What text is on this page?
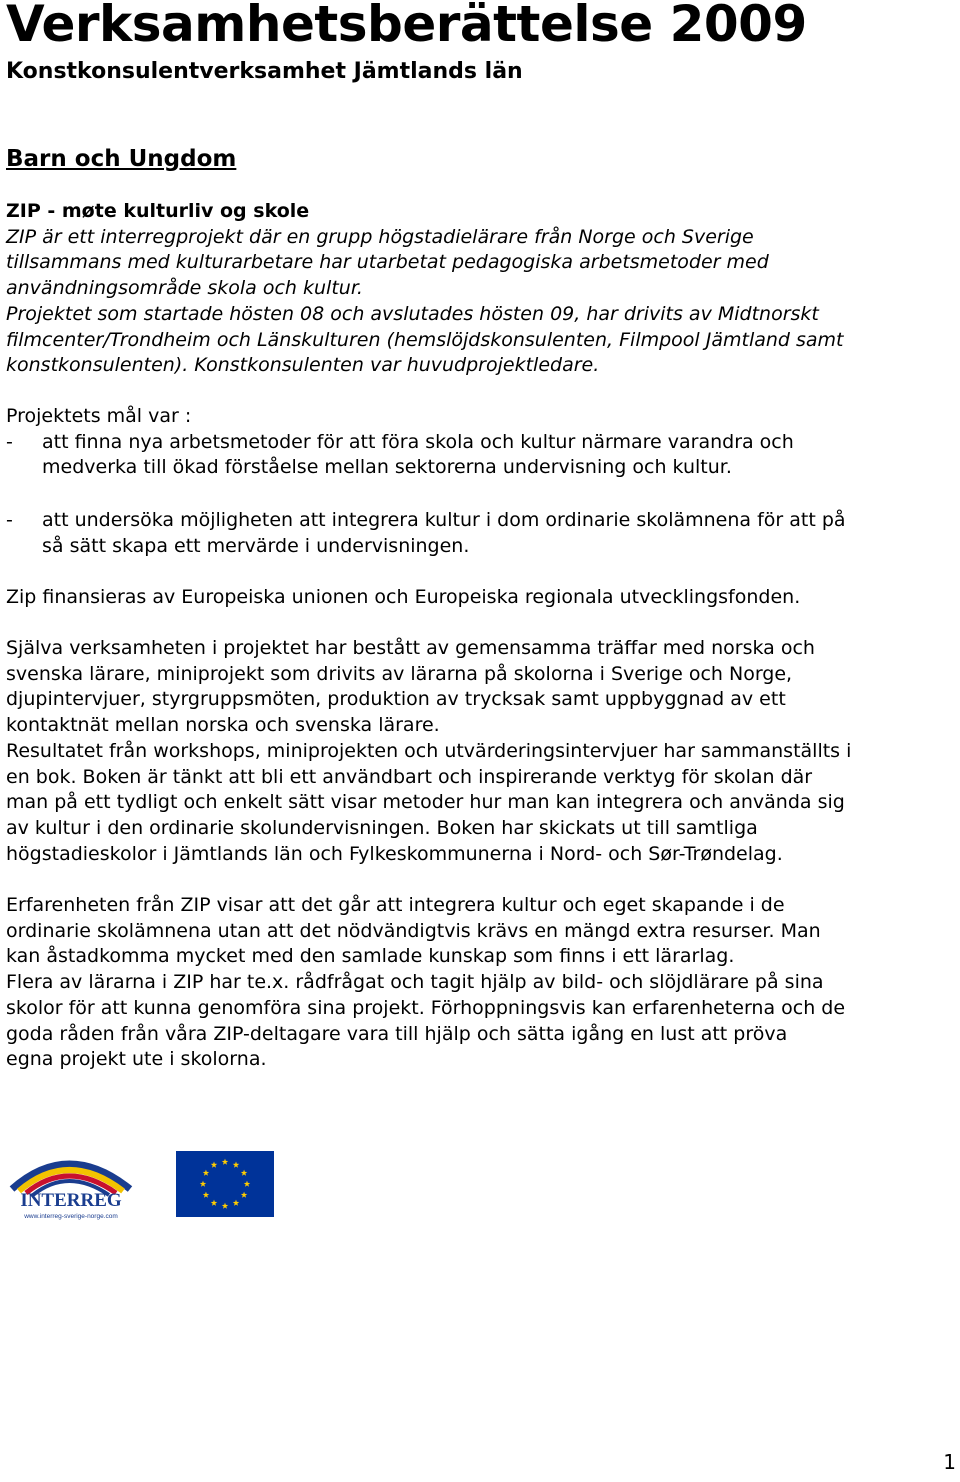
Verksamhetsberättelse 2009
Konstkonsulentverksamhet Jämtlands län
Barn och Ungdom
ZIP - møte kulturliv og skole
ZIP är ett interregprojekt där en grupp högstadielärare från Norge och Sverige
tillsammans med kulturarbetare har utarbetat pedagogiska arbetsmetoder med
användningsområde skola och kultur.
Projektet som startade hösten 08 och avslutades hösten 09, har drivits av Midtnorskt
filmcenter/Trondheim och Länskulturen (hemslöjdskonsulenten, Filmpool Jämtland samt
konstkonsulenten). Konstkonsulenten var huvudprojektledare.
Projektets mål var :
-	att finna nya arbetsmetoder för att föra skola och kultur närmare varandra och
medverka till ökad förståelse mellan sektorerna undervisning och kultur.
-	att undersöka möjligheten att integrera kultur i dom ordinarie skolämnena för att på
så sätt skapa ett mervärde i undervisningen.
Zip finansieras av Europeiska unionen och Europeiska regionala utvecklingsfonden.
Själva verksamheten i projektet har bestått av gemensamma träffar med norska och
svenska lärare, miniprojekt som drivits av lärarna på skolorna i Sverige och Norge,
djupintervjuer, styrgruppsmöten, produktion av trycksak samt uppbyggnad av ett
kontaktnät mellan norska och svenska lärare.
Resultatet från workshops, miniprojekten och utvärderingsintervjuer har sammanställts i
en bok. Boken är tänkt att bli ett användbart och inspirerande verktyg för skolan där
man på ett tydligt och enkelt sätt visar metoder hur man kan integrera och använda sig
av kultur i den ordinarie skolundervisningen. Boken har skickats ut till samtliga
högstadieskolor i Jämtlands län och Fylkeskommunerna i Nord- och Sør-Trøndelag.
Erfarenheten från ZIP visar att det går att integrera kultur och eget skapande i de
ordinarie skolämnena utan att det nödvändigtvis krävs en mängd extra resurser. Man
kan åstadkomma mycket med den samlade kunskap som finns i ett lärarlag.
Flera av lärarna i ZIP har te.x. rådfrågat och tagit hjälp av bild- och slöjdlärare på sina
skolor för att kunna genomföra sina projekt. Förhoppningsvis kan erfarenheterna och de
goda råden från våra ZIP-deltagare vara till hjälp och sätta igång en lust att pröva
egna projekt ute i skolorna.
INTERREG
www.interreg-sverige-norge.com
1
